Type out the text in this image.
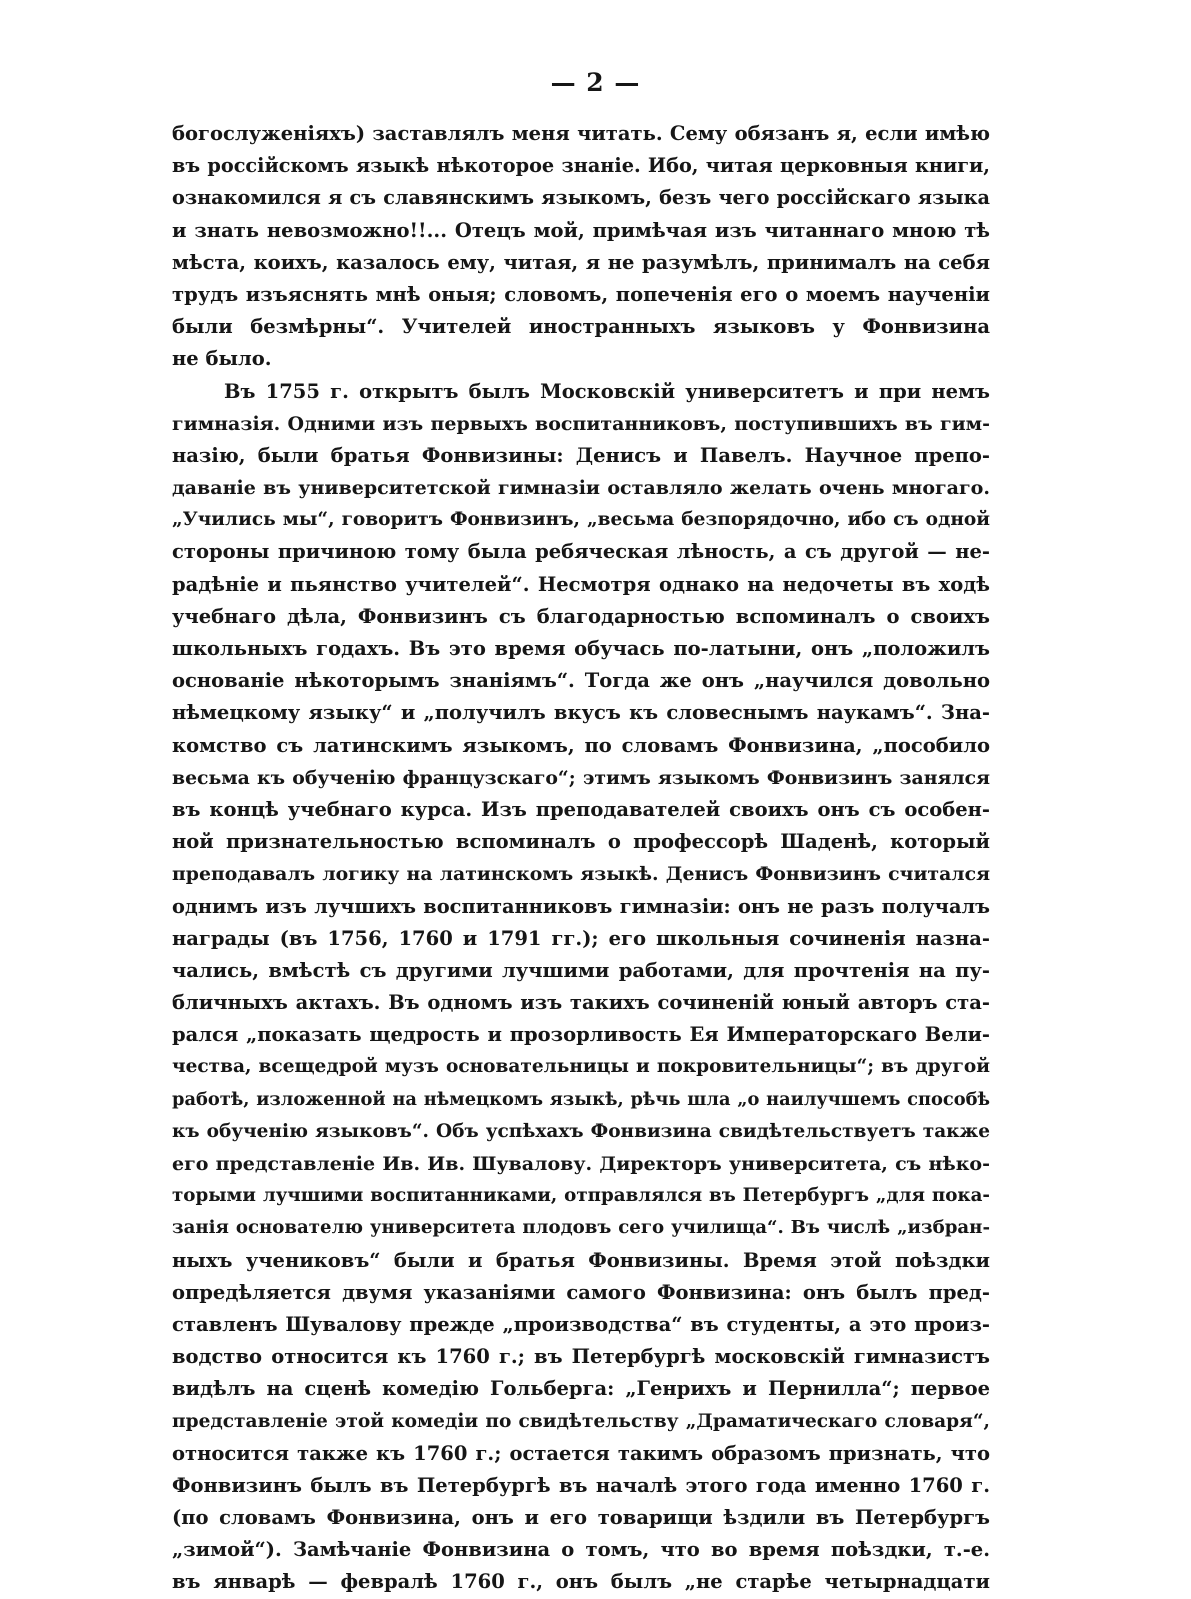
— 2 —
богослуженіяхъ) заставлялъ меня читать. Сему обязанъ я, если имѣю
въ россійскомъ языкѣ нѣкоторое знаніе. Ибо, читая церковныя книги,
ознакомился я съ славянскимъ языкомъ, безъ чего россійскаго языка
и знать невозможно!!... Отецъ мой, примѣчая изъ читаннаго мною тѣ
мѣста, коихъ, казалось ему, читая, я не разумѣлъ, принималъ на себя
трудъ изъяснять мнѣ оныя; словомъ, попеченія его о моемъ наученіи
были безмѣрны“. Учителей иностранныхъ языковъ у Фонвизина
не было.
Въ 1755 г. открытъ былъ Московскій университетъ и при немъ
гимназія. Одними изъ первыхъ воспитанниковъ, поступившихъ въ гим-
назію, были братья Фонвизины: Денисъ и Павелъ. Научное препо-
даваніе въ университетской гимназіи оставляло желать очень многаго.
„Учились мы“, говоритъ Фонвизинъ, „весьма безпорядочно, ибо съ одной
стороны причиною тому была ребяческая лѣность, а съ другой — не-
радѣніе и пьянство учителей“. Несмотря однако на недочеты въ ходѣ
учебнаго дѣла, Фонвизинъ съ благодарностью вспоминалъ о своихъ
школьныхъ годахъ. Въ это время обучась по-латыни, онъ „положилъ
основаніе нѣкоторымъ знаніямъ“. Тогда же онъ „научился довольно
нѣмецкому языку“ и „получилъ вкусъ къ словеснымъ наукамъ“. Зна-
комство съ латинскимъ языкомъ, по словамъ Фонвизина, „пособило
весьма къ обученію французскаго“; этимъ языкомъ Фонвизинъ занялся
въ концѣ учебнаго курса. Изъ преподавателей своихъ онъ съ особен-
ной признательностью вспоминалъ о профессорѣ Шаденѣ, который
преподавалъ логику на латинскомъ языкѣ. Денисъ Фонвизинъ считался
однимъ изъ лучшихъ воспитанниковъ гимназіи: онъ не разъ получалъ
награды (въ 1756, 1760 и 1791 гг.); его школьныя сочиненія назна-
чались, вмѣстѣ съ другими лучшими работами, для прочтенія на пу-
бличныхъ актахъ. Въ одномъ изъ такихъ сочиненій юный авторъ ста-
рался „показать щедрость и прозорливость Ея Императорскаго Вели-
чества, всещедрой музъ основательницы и покровительницы“; въ другой
работѣ, изложенной на нѣмецкомъ языкѣ, рѣчь шла „о наилучшемъ способѣ
къ обученію языковъ“. Объ успѣхахъ Фонвизина свидѣтельствуетъ также
его представленіе Ив. Ив. Шувалову. Директоръ университета, съ нѣко-
торыми лучшими воспитанниками, отправлялся въ Петербургъ „для пока-
занія основателю университета плодовъ сего училища“. Въ числѣ „избран-
ныхъ учениковъ“ были и братья Фонвизины. Время этой поѣздки
опредѣляется двумя указаніями самого Фонвизина: онъ былъ пред-
ставленъ Шувалову прежде „производства“ въ студенты, а это произ-
водство относится къ 1760 г.; въ Петербургѣ московскій гимназистъ
видѣлъ на сценѣ комедію Гольберга: „Генрихъ и Пернилла“; первое
представленіе этой комедіи по свидѣтельству „Драматическаго словаря“,
относится также къ 1760 г.; остается такимъ образомъ признать, что
Фонвизинъ былъ въ Петербургѣ въ началѣ этого года именно 1760 г.
(по словамъ Фонвизина, онъ и его товарищи ѣздили въ Петербургъ
„зимой“). Замѣчаніе Фонвизина о томъ, что во время поѣздки, т.-е.
въ январѣ — февралѣ 1760 г., онъ былъ „не старѣе четырнадцати
